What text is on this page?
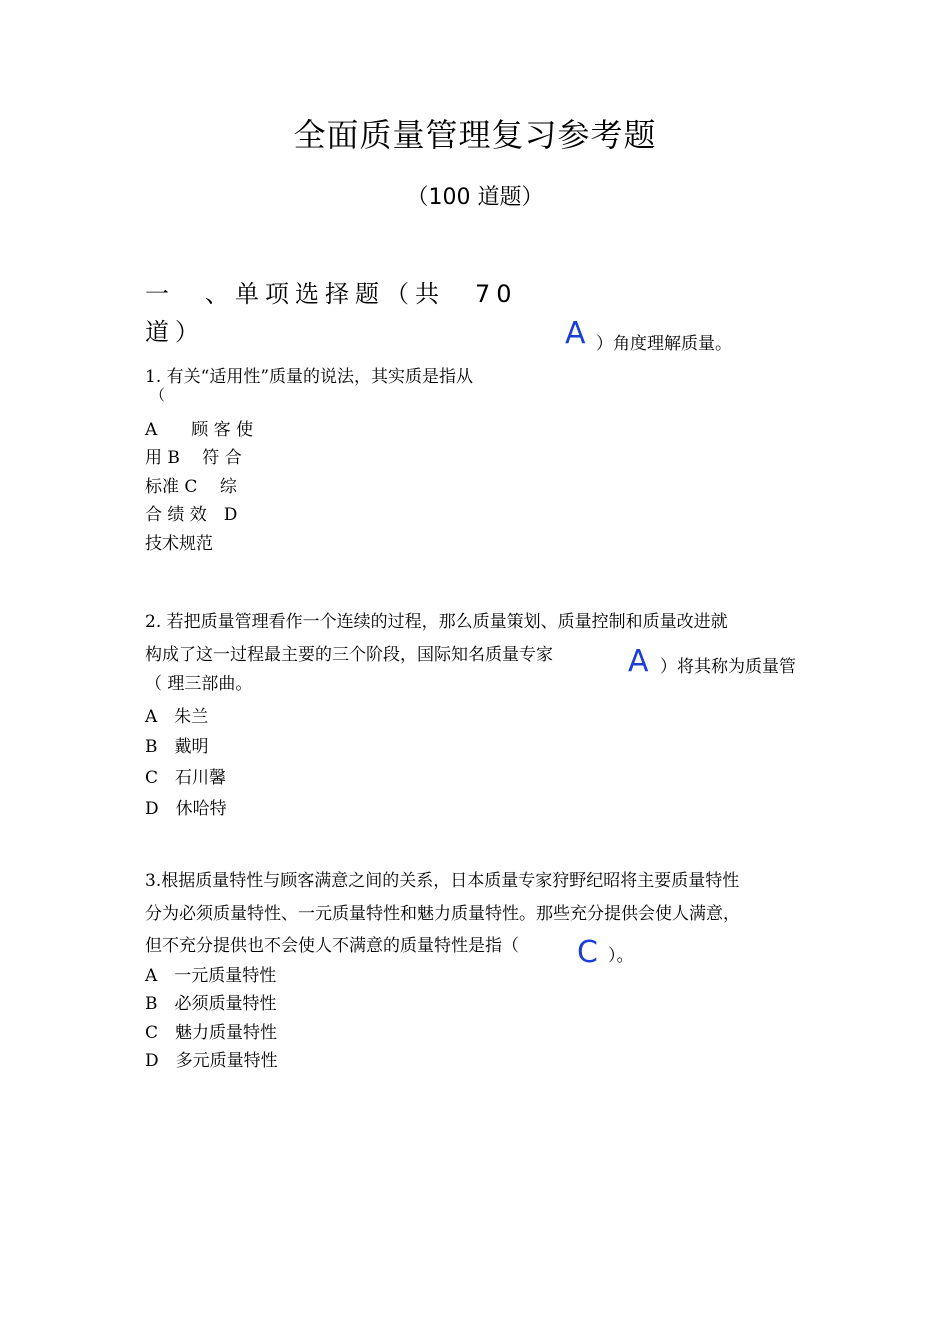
全面质量管理复习参考题
（100 道题）
一　、单项选择题（共　70
道）	A ）角度理解质量。
1. 有关“适用性”质量的说法，其实质是指从
（
A　　顾 客 使
用 B　 符 合
标准 C　 综
合 绩 效　D
技术规范
2. 若把质量管理看作一个连续的过程，那么质量策划、质量控制和质量改进就
构成了这一过程最主要的三个阶段，国际知名质量专家	A ）将其称为质量管
（ 理三部曲。
A　朱兰
B　戴明
C　石川馨
D　休哈特
3.根据质量特性与顾客满意之间的关系，日本质量专家狩野纪昭将主要质量特性
分为必须质量特性、一元质量特性和魅力质量特性。那些充分提供会使人满意，
但不充分提供也不会使人不满意的质量特性是指（ C ）。
A　一元质量特性
B　必须质量特性
C　魅力质量特性
D　多元质量特性
